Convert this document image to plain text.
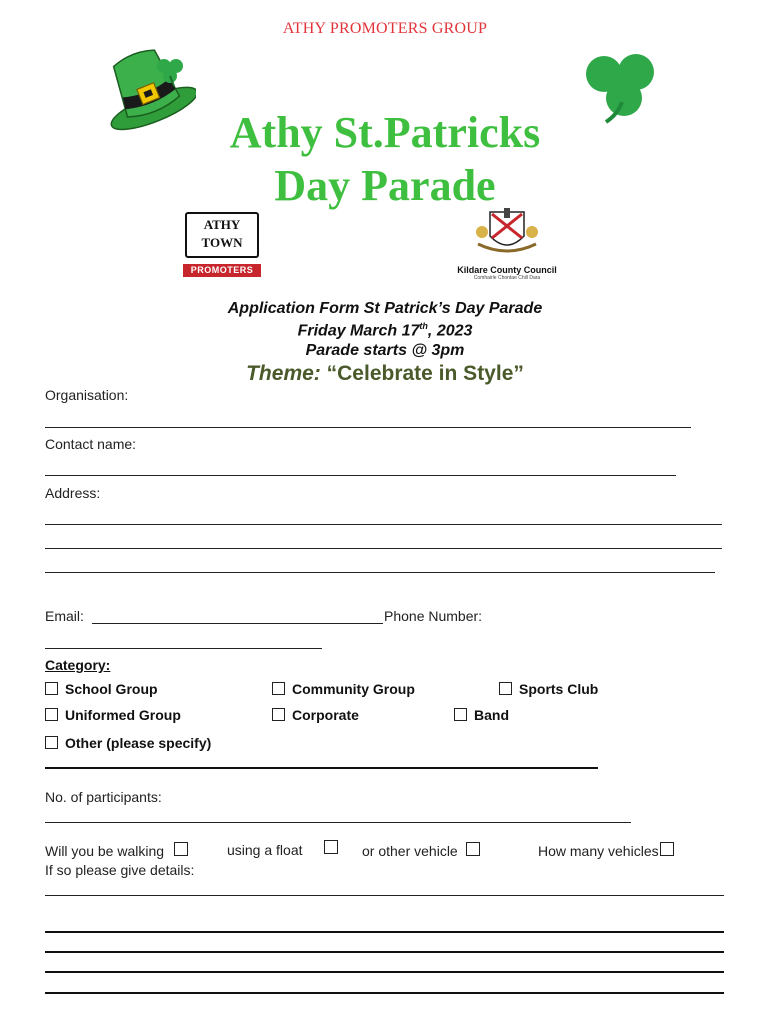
ATHY PROMOTERS GROUP
Athy St.Patricks
Day Parade
ATHY
TOWN
PROMOTERS	Kildare County Council
Comhairle Chontae Chill Dara
Application Form St Patrick’s Day Parade
Friday March 17th, 2023
Parade starts @ 3pm
Theme: “Celebrate in Style”
Organisation:
Contact name:
Address:
Email:	Phone Number:
Category:
School Group	Community Group	Sports Club
Uniformed Group	Corporate	Band
Other (please specify)
No. of participants:
Will you be walking	using a float	or other vehicle	How many vehicles
If so please give details:
